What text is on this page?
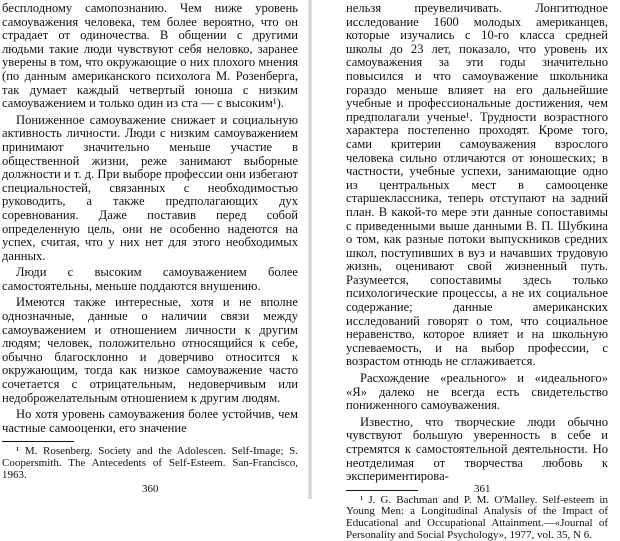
бесплодному самопознанию. Чем ниже уровень самоуважения человека, тем более вероятно, что он страдает от одиночества. В общении с другими людьми такие люди чувствуют себя неловко, заранее уверены в том, что окружающие о них плохого мнения (по данным американского психолога М. Розенберга, так думает каждый четвертый юноша с низким самоуважением и только один из ста — с высоким¹).

Пониженное самоуважение снижает и социальную активность личности. Люди с низким самоуважением принимают значительно меньше участие в общественной жизни, реже занимают выборные должности и т. д. При выборе профессии они избегают специальностей, связанных с необходимостью руководить, а также предполагающих дух соревнования. Даже поставив перед собой определенную цель, они не особенно надеются на успех, считая, что у них нет для этого необходимых данных.

Люди с высоким самоуважением более самостоятельны, меньше поддаются внушению.

Имеются также интересные, хотя и не вполне однозначные, данные о наличии связи между самоуважением и отношением личности к другим людям; человек, положительно относящийся к себе, обычно благосклонно и доверчиво относится к окружающим, тогда как низкое самоуважение часто сочетается с отрицательным, недоверчивым или недоброжелательным отношением к другим людям.

Но хотя уровень самоуважения более устойчив, чем частные самооценки, его значение

¹ M. Rosenberg. Society and the Adolescen. Self-Image; S. Coopersmith. The Antecedents of Self-Esteem. San-Francisco, 1963.

360

нельзя преувеличивать. Лонгитюдное исследование 1600 молодых американцев, которые изучались с 10-го класса средней школы до 23 лет, показало, что уровень их самоуважения за эти годы значительно повысился и что самоуважение школьника гораздо меньше влияет на его дальнейшие учебные и профессиональные достижения, чем предполагали ученые¹. Трудности возрастного характера постепенно проходят. Кроме того, сами критерии самоуважения взрослого человека сильно отличаются от юношеских; в частности, учебные успехи, занимающие одно из центральных мест в самооценке старшеклассника, теперь отступают на задний план. В какой-то мере эти данные сопоставимы с приведенными выше данными В. П. Шубкина о том, как разные потоки выпускников средних школ, поступивших в вуз и начавших трудовую жизнь, оценивают свой жизненный путь. Разумеется, сопоставимы здесь только психологические процессы, а не их социальное содержание; данные американских исследований говорят о том, что социальное неравенство, которое влияет и на школьную успеваемость, и на выбор профессии, с возрастом отнюдь не сглаживается.

Расхождение «реального» и «идеального» «Я» далеко не всегда есть свидетельство пониженного самоуважения.

Известно, что творческие люди обычно чувствуют большую уверенность в себе и стремятся к самостоятельной деятельности. Но неотделимая от творчества любовь к экспериментирова-

¹ J. G. Bachman and P. M. O'Malley. Self-esteem in Young Men: a Longitudinal Analysis of the Impact of Educational and Occupational Attainment.—«Journal of Personality and Social Psychology», 1977, vol. 35, N 6.

361
